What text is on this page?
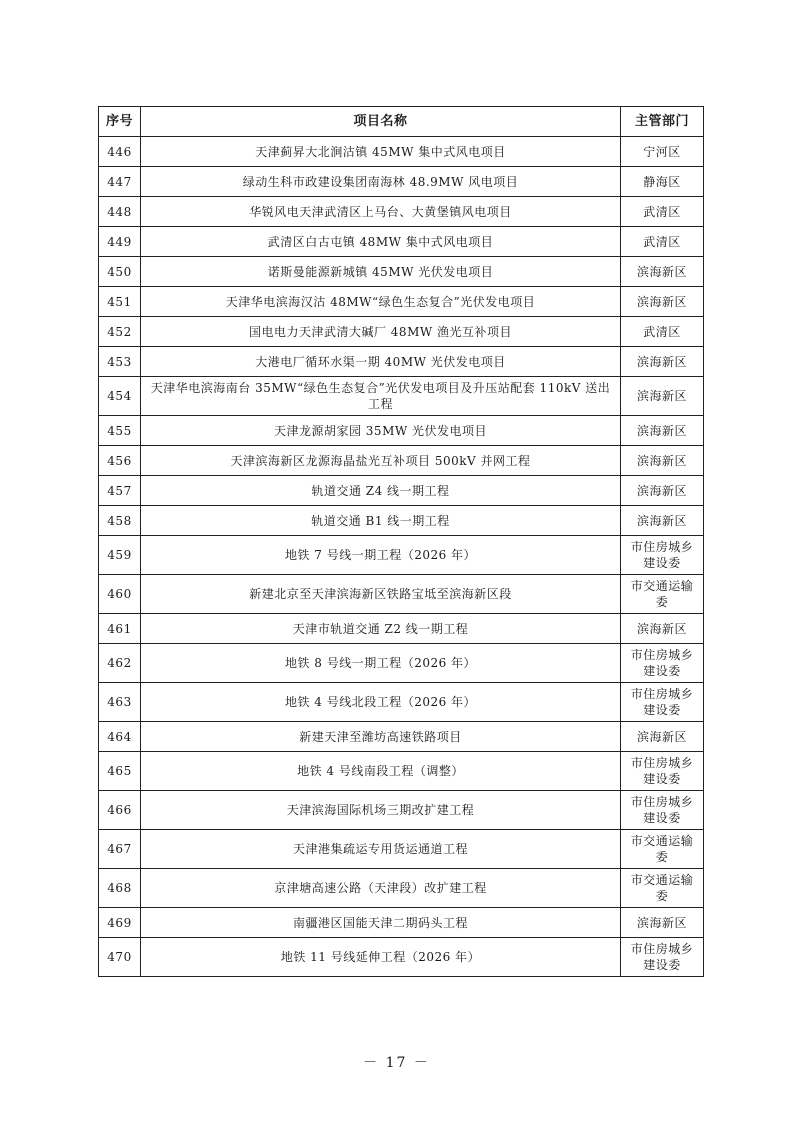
序号	项目名称	主管部门
446	天津蓟昇大北涧沽镇 45MW 集中式风电项目	宁河区
447	绿动生科市政建设集团南海林 48.9MW 风电项目	静海区
448	华锐风电天津武清区上马台、大黄堡镇风电项目	武清区
449	武清区白古屯镇 48MW 集中式风电项目	武清区
450	诺斯曼能源新城镇 45MW 光伏发电项目	滨海新区
451	天津华电滨海汉沽 48MW“绿色生态复合”光伏发电项目	滨海新区
452	国电电力天津武清大碱厂 48MW 渔光互补项目	武清区
453	大港电厂循环水渠一期 40MW 光伏发电项目	滨海新区
454	天津华电滨海南台 35MW“绿色生态复合”光伏发电项目及升压站配套 110kV 送出工程	滨海新区
455	天津龙源胡家园 35MW 光伏发电项目	滨海新区
456	天津滨海新区龙源海晶盐光互补项目 500kV 并网工程	滨海新区
457	轨道交通 Z4 线一期工程	滨海新区
458	轨道交通 B1 线一期工程	滨海新区
459	地铁 7 号线一期工程（2026 年）	市住房城乡建设委
460	新建北京至天津滨海新区铁路宝坻至滨海新区段	市交通运输委
461	天津市轨道交通 Z2 线一期工程	滨海新区
462	地铁 8 号线一期工程（2026 年）	市住房城乡建设委
463	地铁 4 号线北段工程（2026 年）	市住房城乡建设委
464	新建天津至潍坊高速铁路项目	滨海新区
465	地铁 4 号线南段工程（调整）	市住房城乡建设委
466	天津滨海国际机场三期改扩建工程	市住房城乡建设委
467	天津港集疏运专用货运通道工程	市交通运输委
468	京津塘高速公路（天津段）改扩建工程	市交通运输委
469	南疆港区国能天津二期码头工程	滨海新区
470	地铁 11 号线延伸工程（2026 年）	市住房城乡建设委
－ 17 －
